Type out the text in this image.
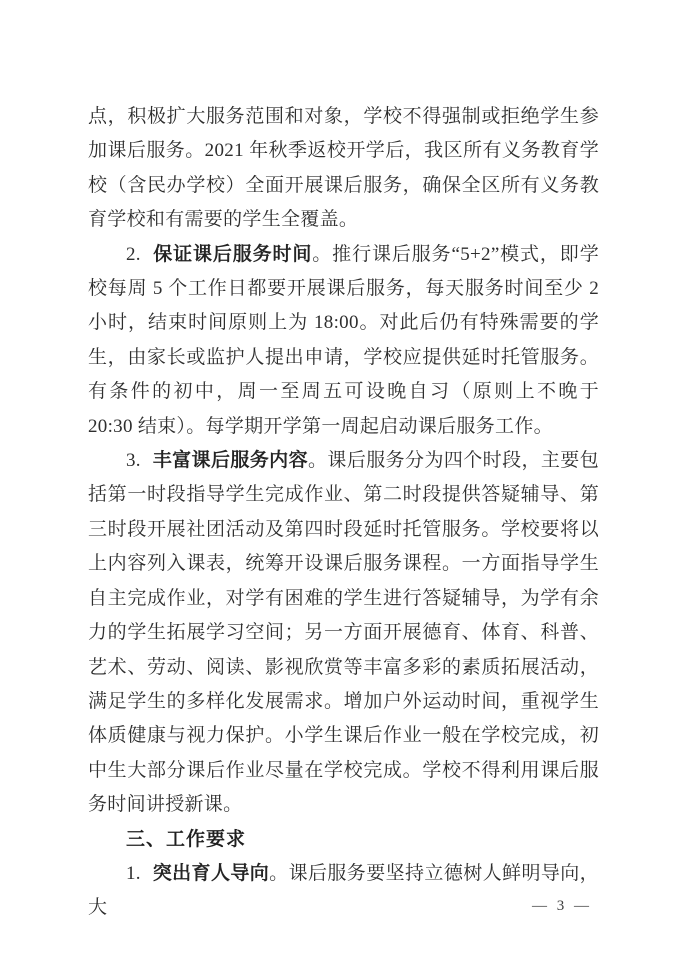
点，积极扩大服务范围和对象，学校不得强制或拒绝学生参加课后服务。2021 年秋季返校开学后，我区所有义务教育学校（含民办学校）全面开展课后服务，确保全区所有义务教育学校和有需要的学生全覆盖。

2. 保证课后服务时间。推行课后服务“5+2”模式，即学校每周 5 个工作日都要开展课后服务，每天服务时间至少 2 小时，结束时间原则上为 18:00。对此后仍有特殊需要的学生，由家长或监护人提出申请，学校应提供延时托管服务。有条件的初中，周一至周五可设晚自习（原则上不晚于 20:30 结束）。每学期开学第一周起启动课后服务工作。

3. 丰富课后服务内容。课后服务分为四个时段，主要包括第一时段指导学生完成作业、第二时段提供答疑辅导、第三时段开展社团活动及第四时段延时托管服务。学校要将以上内容列入课表，统筹开设课后服务课程。一方面指导学生自主完成作业，对学有困难的学生进行答疑辅导，为学有余力的学生拓展学习空间；另一方面开展德育、体育、科普、艺术、劳动、阅读、影视欣赏等丰富多彩的素质拓展活动，满足学生的多样化发展需求。增加户外运动时间，重视学生体质健康与视力保护。小学生课后作业一般在学校完成，初中生大部分课后作业尽量在学校完成。学校不得利用课后服务时间讲授新课。

三、工作要求

1. 突出育人导向。课后服务要坚持立德树人鲜明导向，大	— 3 —
